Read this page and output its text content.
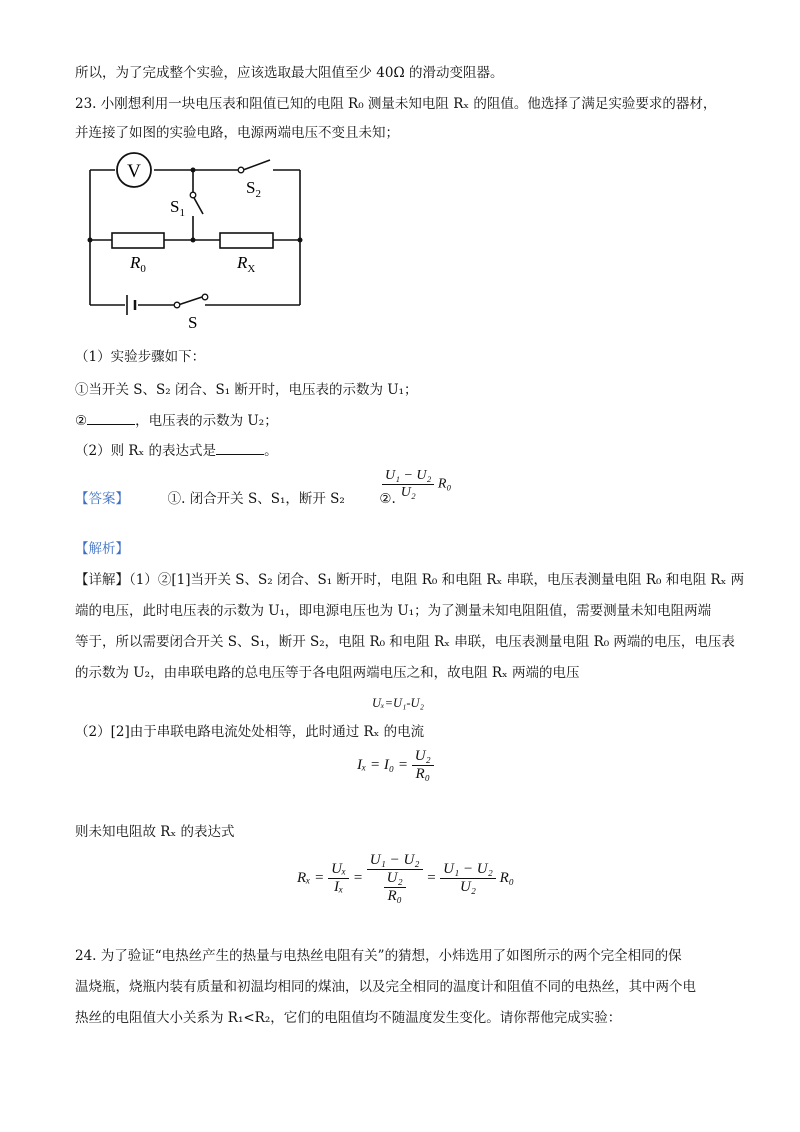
所以，为了完成整个实验，应该选取最大阻值至少 40Ω 的滑动变阻器。
23. 小刚想利用一块电压表和阻值已知的电阻 R₀ 测量未知电阻 Rₓ 的阻值。他选择了满足实验要求的器材，
并连接了如图的实验电路，电源两端电压不变且未知；
V
$S_1$
$S_2$
S
$R_0$	$R_X$
（1）实验步骤如下：
①当开关 S、S₂ 闭合、S₁ 断开时，电压表的示数为 U₁；
②	，电压表的示数为 U₂；
（2）则 Rₓ 的表达式是	。
【答案】	①. 闭合开关 S、S₁，断开 S₂	②.
$\frac{\text{U₁ − U₂}}{\text{U₂}} R_0$
【解析】
【详解】（1）②[1]当开关 S、S₂ 闭合、S₁ 断开时，电阻 R₀ 和电阻 Rₓ 串联，电压表测量电阻 R₀ 和电阻 Rₓ 两
端的电压，此时电压表的示数为 U₁，即电源电压也为 U₁；为了测量未知电阻阻值，需要测量未知电阻两端
等于，所以需要闭合开关 S、S₁，断开 S₂，电阻 R₀ 和电阻 Rₓ 串联，电压表测量电阻 R₀ 两端的电压，电压表
的示数为 U₂，由串联电路的总电压等于各电阻两端电压之和，故电阻 Rₓ 两端的电压
Uₓ=U₁-U₂
（2）[2]由于串联电路电流处处相等，此时通过 Rₓ 的电流
$I_x = I_0 = \frac{\text{U₂}}{\text{R₀}}$
则未知电阻故 Rₓ 的表达式
$R_x = \frac{\text{Uₓ}}{\text{Iₓ}} = \frac{\text{U₁ − U₂}}{\frac{\text{U₂}}{\text{R₀}}} = \frac{\text{U₁ − U₂}}{\text{U₂}} R_0$
24. 为了验证“电热丝产生的热量与电热丝电阻有关”的猜想，小炜选用了如图所示的两个完全相同的保
温烧瓶，烧瓶内装有质量和初温均相同的煤油，以及完全相同的温度计和阻值不同的电热丝，其中两个电
热丝的电阻值大小关系为 R₁<R₂，它们的电阻值均不随温度发生变化。请你帮他完成实验：
